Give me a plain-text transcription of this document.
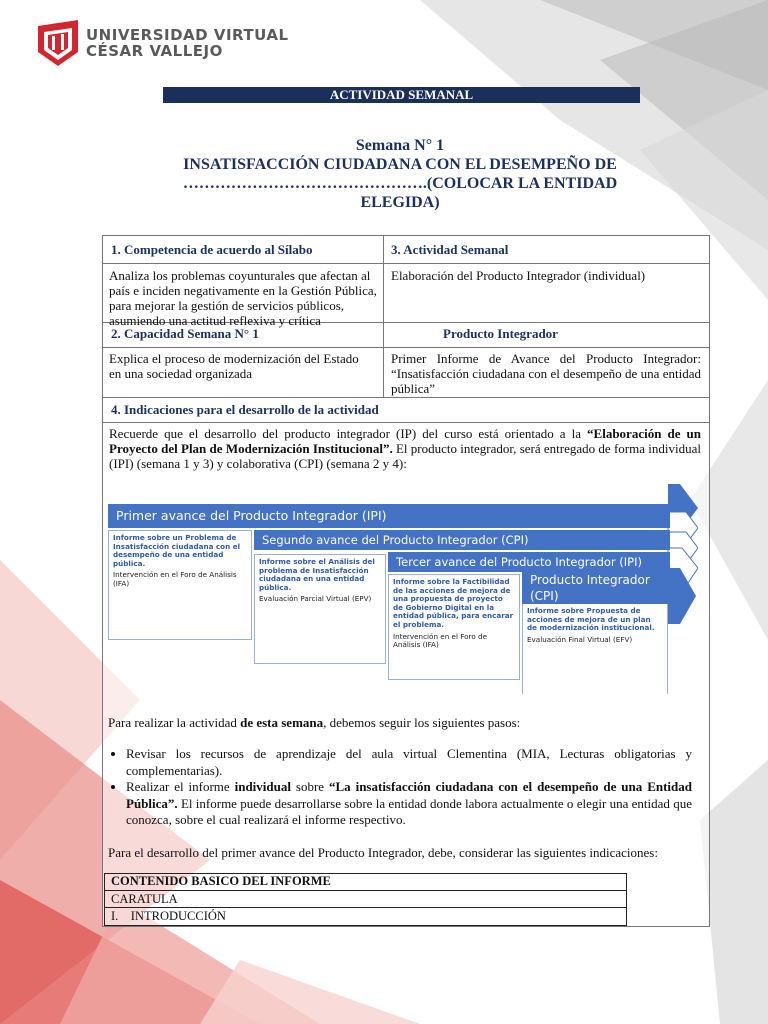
UNIVERSIDAD VIRTUAL
CÉSAR VALLEJO
ACTIVIDAD SEMANAL
Semana N° 1
INSATISFACCIÓN CIUDADANA CON EL DESEMPEÑO DE
……………………………………….(COLOCAR LA ENTIDAD
ELEGIDA)
1. Competencia de acuerdo al Sílabo	3. Actividad Semanal
Analiza los problemas coyunturales que afectan al país e inciden negativamente en la Gestión Pública, para mejorar la gestión de servicios públicos, asumiendo una actitud reflexiva y crítica
Elaboración del Producto Integrador (individual)
2. Capacidad Semana N° 1	Producto Integrador
Explica el proceso de modernización del Estado en una sociedad organizada
Primer Informe de Avance del Producto Integrador: “Insatisfacción ciudadana con el desempeño de una entidad pública”
4. Indicaciones para el desarrollo de la actividad
Recuerde que el desarrollo del producto integrador (IP) del curso está orientado a la “Elaboración de un Proyecto del Plan de Modernización Institucional”. El producto integrador, será entregado de forma individual (IPI) (semana 1 y 3) y colaborativa (CPI) (semana 2 y 4):
Primer avance del Producto Integrador (IPI)
Segundo avance del Producto Integrador (CPI)
Tercer avance del Producto Integrador (IPI)
Producto Integrador
(CPI)
Informe sobre un Problema de Insatisfacción ciudadana con el desempeño de una entidad pública.
Intervención en el Foro de Análisis (IFA)
Informe sobre el Análisis del problema de Insatisfacción ciudadana en una entidad pública.
Evaluación Parcial Virtual (EPV)
Informe sobre la Factibilidad de las acciones de mejora de una propuesta de proyecto de Gobierno Digital en la entidad pública, para encarar el problema.
Intervención en el Foro de Análisis (IFA)
Informe sobre Propuesta de acciones de mejora de un plan de modernización institucional.
Evaluación Final Virtual (EFV)
Para realizar la actividad de esta semana, debemos seguir los siguientes pasos:
• Revisar los recursos de aprendizaje del aula virtual Clementina (MIA, Lecturas obligatorias y complementarias).
• Realizar el informe individual sobre “La insatisfacción ciudadana con el desempeño de una Entidad Pública”. El informe puede desarrollarse sobre la entidad donde labora actualmente o elegir una entidad que conozca, sobre el cual realizará el informe respectivo.
Para el desarrollo del primer avance del Producto Integrador, debe, considerar las siguientes indicaciones:
CONTENIDO BASICO DEL INFORME
CARATULA
I. INTRODUCCIÓN
